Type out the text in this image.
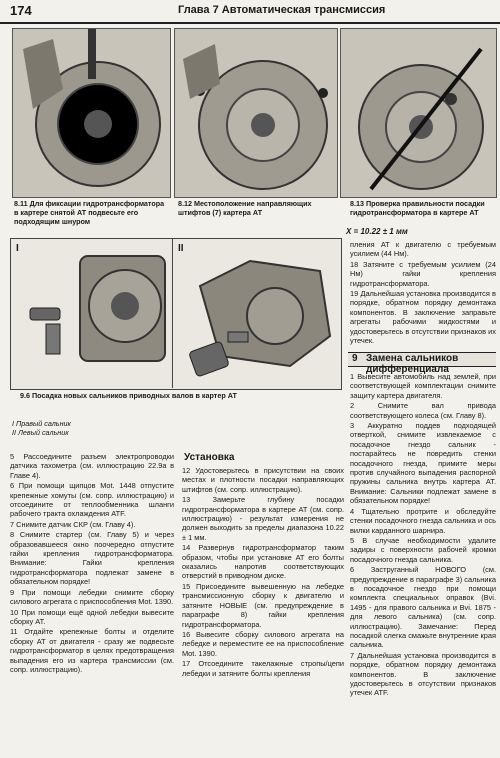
174	Глава 7 Автоматическая трансмиссия
8.11 Для фиксации гидротрансформатора в картере снятой АТ подвесьте его подходящим шнуром
8.12 Местоположение направляющих штифтов (7) картера АТ
8.13 Проверка правильности посадки гидротрансформатора в картере АТ
X = 10.22 ± 1 мм
I	II
9.6 Посадка новых сальников приводных валов в картер АТ
I Правый сальник
II Левый сальник

5 Рассоедините разъем электропроводки датчика тахометра (см. иллюстрацию 22.9а в Главе 4).

6 При помощи щипцов Mot. 1448 отпустите крепежные хомуты (см. сопр. иллюстрацию) и отсоедините от теплообменника шланги рабочего тракта охлаждения ATF.

7 Снимите датчик СКР (см. Главу 4).

8 Снимите стартер (см. Главу 5) и через образовавшееся окно поочередно отпустите гайки крепления гидротрансформатора. Внимание: Гайки крепления гидротрансформатора подлежат замене в обязательном порядке!

9 При помощи лебедки снимите сборку силового агрегата с приспособления Mot. 1390.

10 При помощи ещё одной лебедки вывесите сборку АТ.

11 Отдайте крепежные болты и отделите сборку АТ от двигателя - сразу же подвесьте гидротрансформатор в целях предотвращения выпадения его из картера трансмиссии (см. сопр. иллюстрацию).

Установка

12 Удостоверьтесь в присутствии на своих местах и плотности посадки направляющих штифтов (см. сопр. иллюстрацию).

13 Замерьте глубину посадки гидротрансформатора в картере АТ (см. сопр. иллюстрацию) - результат измерения не должен выходить за пределы диапазона 10.22 ± 1 мм.

14 Развернув гидротрансформатор таким образом, чтобы при установке АТ его болты оказались напротив соответствующих отверстий в приводном диске.

15 Присоедините вывешенную на лебедке трансмиссионную сборку к двигателю и затяните НОВЫЕ (см. предупреждение в параграфе 8) гайки крепления гидротрансформатора.

16 Вывесите сборку силового агрегата на лебедке и переместите ее на приспособление Mot. 1390.

17 Отсоедините такелажные стропы/цепи лебедки и затяните болты крепления

пления АТ к двигателю с требуемым усилием (44 Нм).

18 Затяните с требуемым усилием (24 Нм) гайки крепления гидротрансформатора.

19 Дальнейшая установка производится в порядке, обратном порядку демонтажа компонентов. В заключение заправьте агрегаты рабочими жидкостями и удостоверьтесь в отсутствии признаков их утечек.

9 Замена сальников дифференциала

1 Вывесите автомобиль над землей, при соответствующей комплектации снимите защиту картера двигателя.

2 Снимите вал привода соответствующего колеса (см. Главу 8).

3 Аккуратно поддев подходящей отверткой, снимите извлекаемое с посадочное гнездо сальник - постарайтесь не повредить стенки посадочного гнезда, примите меры против случайного выпадения распорной пружины сальника внутрь картера АТ. Внимание: Сальники подлежат замене в обязательном порядке!

4 Тщательно протрите и обследуйте стенки посадочного гнезда сальника и ось вилки карданного шарнира.

5 В случае необходимости удалите задиры с поверхности рабочей кромки посадочного гнезда сальника.

6 Заструганный НОВОГО (см. предупреждение в параграфе 3) сальника в посадочное гнездо при помощи комплекта специальных оправок (Bvi. 1495 - для правого сальника и Bvi. 1875 - для левого сальника) (см. сопр. иллюстрацию). Замечание: Перед посадкой слегка смажьте внутренние края сальника.

7 Дальнейшая установка производится в порядке, обратном порядку демонтажа компонентов. В заключение удостоверьтесь в отсутствии признаков утечек ATF.
